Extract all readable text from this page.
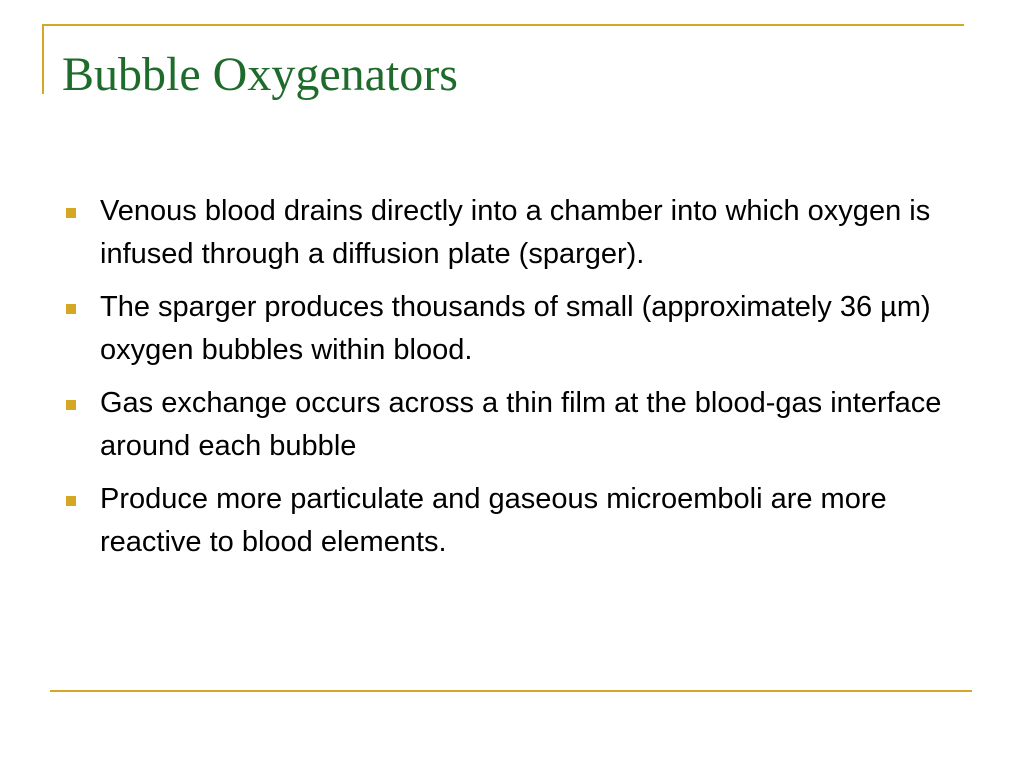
Bubble Oxygenators
Venous blood drains directly into a chamber into which oxygen is infused through a diffusion plate (sparger).
The sparger produces thousands of small (approximately 36 µm) oxygen bubbles within blood.
Gas exchange occurs across a thin film at the blood-gas interface around each bubble
Produce more particulate and gaseous microemboli are more reactive to blood elements.
